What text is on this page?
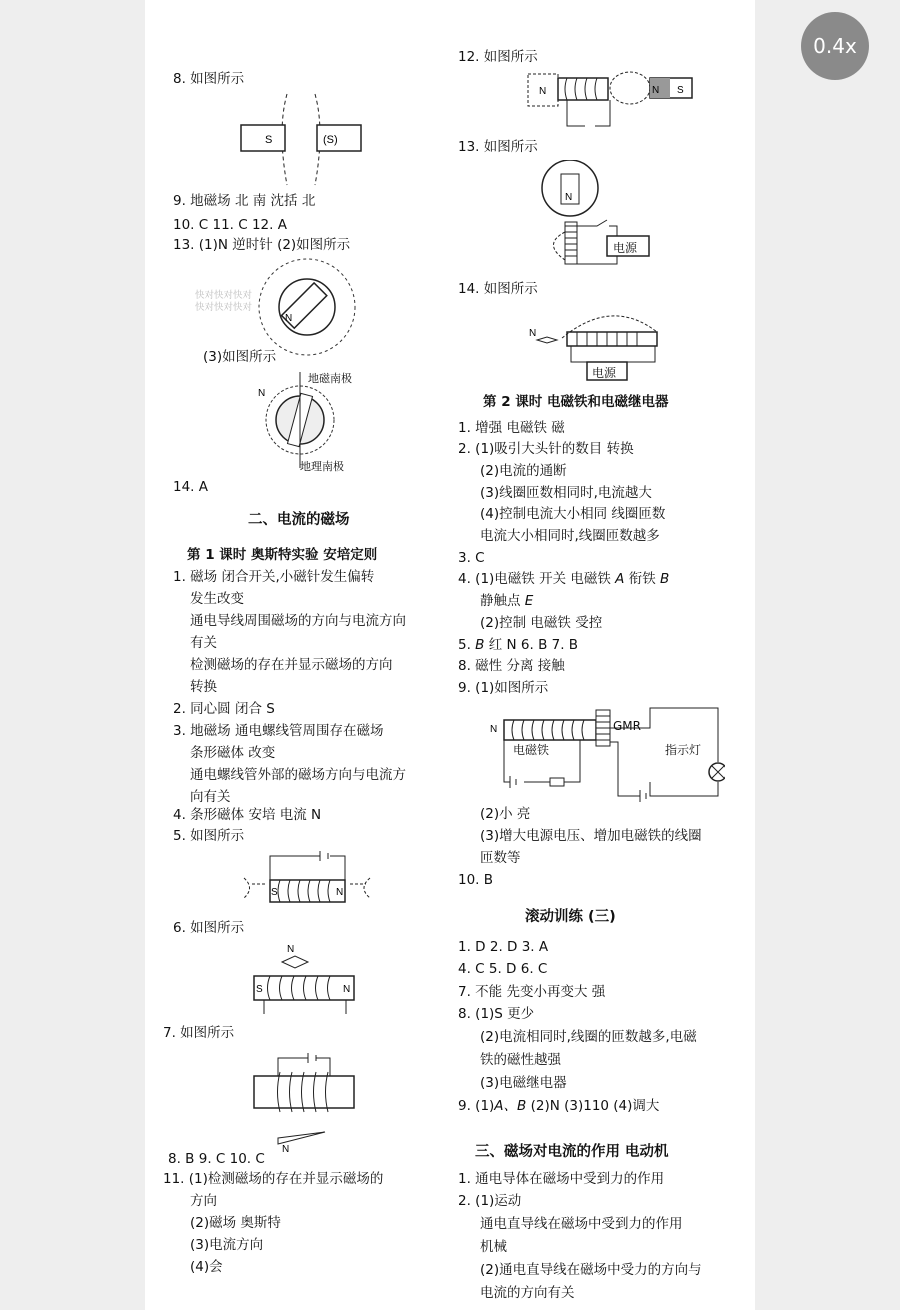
8. 如图所示
S	(S)
9. 地磁场 北 南 沈括 北
10. C 11. C 12. A
13. (1)N 逆时针 (2)如图所示
快对快对快对
快对快对快对
N
(3)如图所示
N
地磁南极
地理南极
14. A
二、电流的磁场
第 1 课时 奥斯特实验 安培定则
1. 磁场 闭合开关,小磁针发生偏转
发生改变
通电导线周围磁场的方向与电流方向
有关
检测磁场的存在并显示磁场的方向
转换
2. 同心圆 闭合 S
3. 地磁场 通电螺线管周围存在磁场
条形磁体 改变
通电螺线管外部的磁场方向与电流方
向有关
4. 条形磁体 安培 电流 N
5. 如图所示
S	N
6. 如图所示
N
S	N
7. 如图所示
N
8. B 9. C 10. C
11. (1)检测磁场的存在并显示磁场的
方向
(2)磁场 奥斯特
(3)电流方向
(4)会
12. 如图所示
N	N S
13. 如图所示
N
电源
14. 如图所示
N
电源
第 2 课时 电磁铁和电磁继电器
1. 增强 电磁铁 磁
2. (1)吸引大头针的数目 转换
(2)电流的通断
(3)线圈匝数相同时,电流越大
(4)控制电流大小相同 线圈匝数
电流大小相同时,线圈匝数越多
3. C
4. (1)电磁铁 开关 电磁铁 A 衔铁 B
静触点 E
(2)控制 电磁铁 受控
5. B 红 N 6. B 7. B
8. 磁性 分离 接触
9. (1)如图所示
N	GMR
电磁铁	指示灯
(2)小 亮
(3)增大电源电压、增加电磁铁的线圈
匝数等
10. B
滚动训练 (三)
1. D 2. D 3. A
4. C 5. D 6. C
7. 不能 先变小再变大 强
8. (1)S 更少
(2)电流相同时,线圈的匝数越多,电磁
铁的磁性越强
(3)电磁继电器
9. (1)A、B (2)N (3)110 (4)调大
三、磁场对电流的作用 电动机
1. 通电导体在磁场中受到力的作用
2. (1)运动
通电直导线在磁场中受到力的作用
机械
(2)通电直导线在磁场中受力的方向与
电流的方向有关
0.4x
